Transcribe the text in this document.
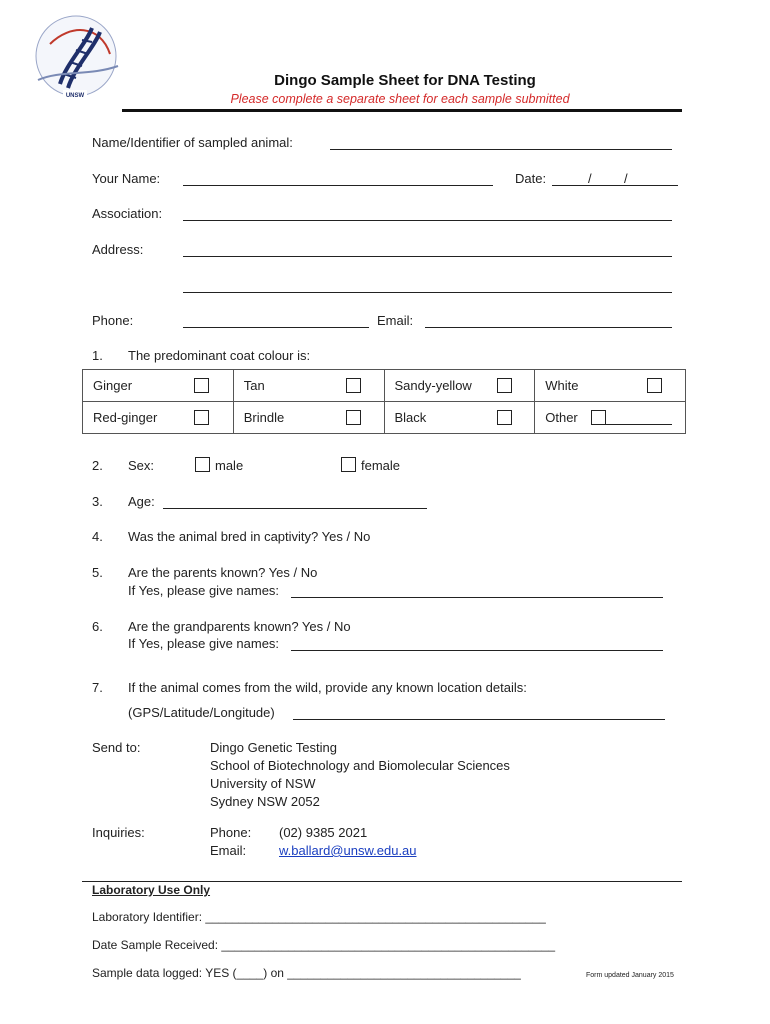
UNSW
Dingo Sample Sheet for DNA Testing
Please complete a separate sheet for each sample submitted
Name/Identifier of sampled animal:
Your Name:	Date:	/ /
Association:
Address:
Phone:	Email:
1. The predominant coat colour is:
Ginger	Tan	Sandy-yellow	White

Red-ginger	Brindle	Black	Other
2. Sex:	male	female
3. Age:
4. Was the animal bred in captivity? Yes / No
5. Are the parents known? Yes / No
If Yes, please give names:
6. Are the grandparents known? Yes / No
If Yes, please give names:
7. If the animal comes from the wild, provide any known location details:
(GPS/Latitude/Longitude)
Send to:	Dingo Genetic Testing
School of Biotechnology and Biomolecular Sciences
University of NSW
Sydney NSW 2052
Inquiries:	Phone: (02) 9385 2021
Email:	w.ballard@unsw.edu.au
Laboratory Use Only
Laboratory Identifier: ___________________________________________________
Date Sample Received: __________________________________________________
Sample data logged: YES (____) on ___________________________________	Form updated January 2015
